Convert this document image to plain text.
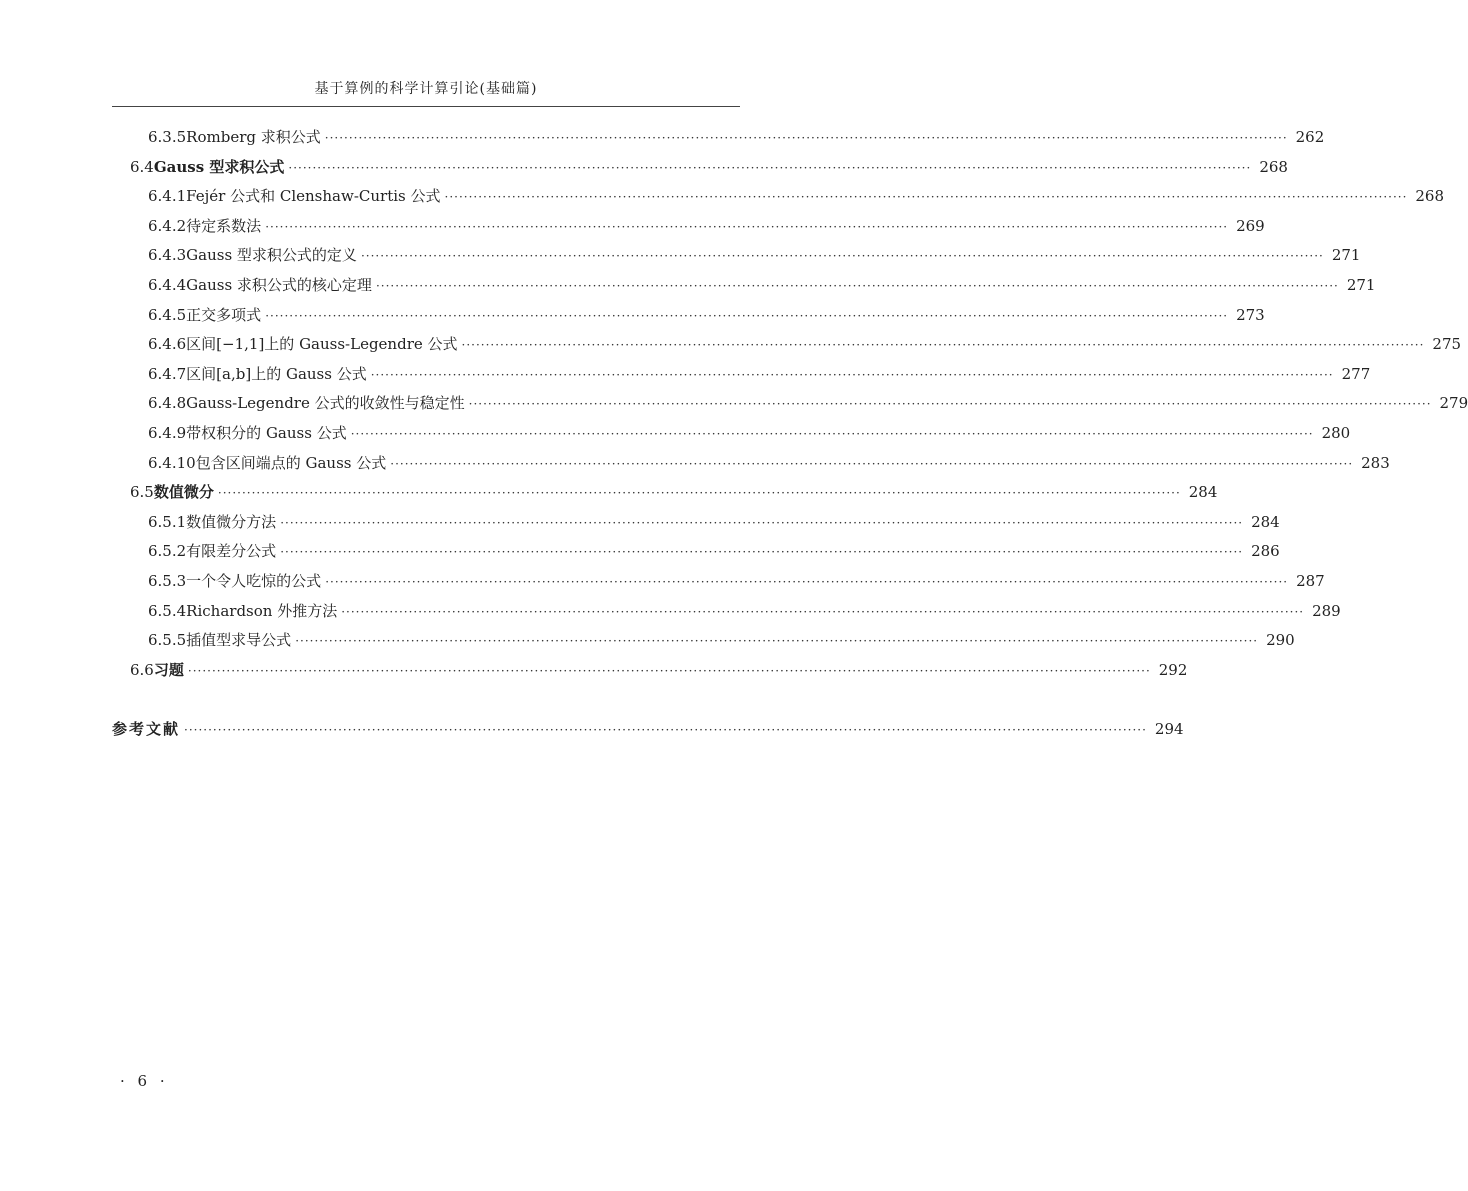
基于算例的科学计算引论(基础篇)
6.3.5 Romberg 求积公式 ········································································································································································································ 262
6.4 Gauss 型求积公式 ········································································································································································································ 268
6.4.1 Fejér 公式和 Clenshaw-Curtis 公式 ········································································································································································································ 268
6.4.2 待定系数法 ········································································································································································································ 269
6.4.3 Gauss 型求积公式的定义 ········································································································································································································ 271
6.4.4 Gauss 求积公式的核心定理 ········································································································································································································ 271
6.4.5 正交多项式 ········································································································································································································ 273
6.4.6 区间[−1,1]上的 Gauss-Legendre 公式 ········································································································································································································ 275
6.4.7 区间[a,b]上的 Gauss 公式 ········································································································································································································ 277
6.4.8 Gauss-Legendre 公式的收敛性与稳定性 ········································································································································································································ 279
6.4.9 带权积分的 Gauss 公式 ········································································································································································································ 280
6.4.10 包含区间端点的 Gauss 公式 ········································································································································································································ 283
6.5 数值微分 ········································································································································································································ 284
6.5.1 数值微分方法 ········································································································································································································ 284
6.5.2 有限差分公式 ········································································································································································································ 286
6.5.3 一个令人吃惊的公式 ········································································································································································································ 287
6.5.4 Richardson 外推方法 ········································································································································································································ 289
6.5.5 插值型求导公式 ········································································································································································································ 290
6.6 习题 ········································································································································································································ 292
参考文献 ········································································································································································································ 294
· 6 ·
